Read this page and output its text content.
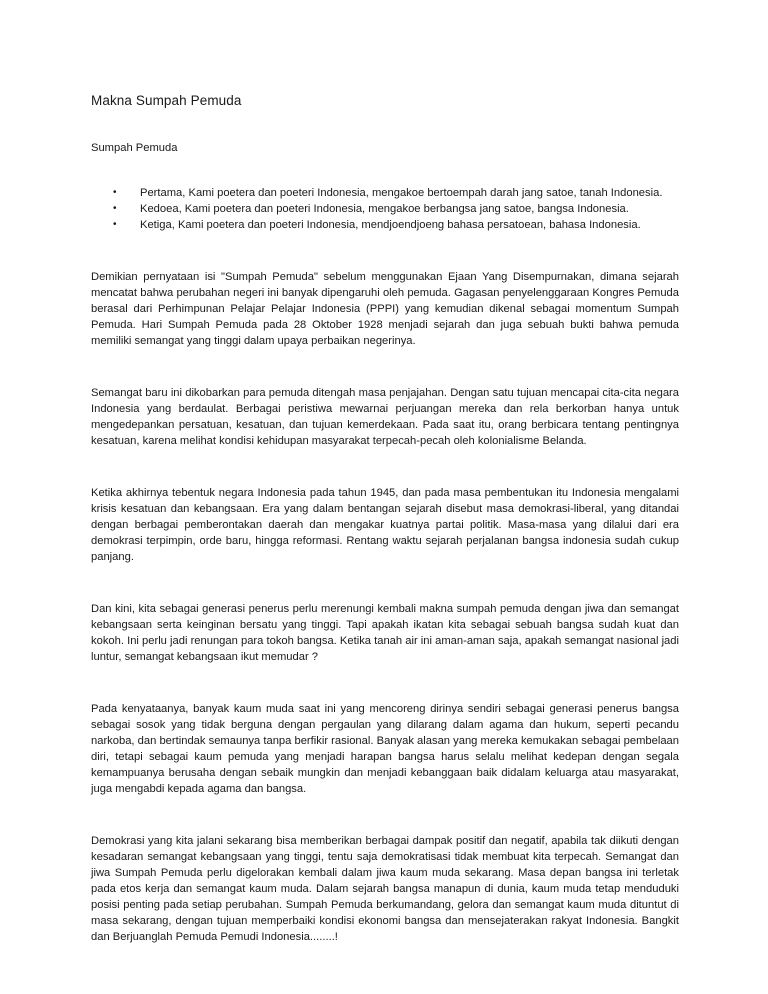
Makna Sumpah Pemuda
Sumpah Pemuda
•	Pertama, Kami poetera dan poeteri Indonesia, mengakoe bertoempah darah jang satoe, tanah Indonesia.
•	Kedoea, Kami poetera dan poeteri Indonesia, mengakoe berbangsa jang satoe, bangsa Indonesia.
•	Ketiga, Kami poetera dan poeteri Indonesia, mendjoendjoeng bahasa persatoean, bahasa Indonesia.

Demikian pernyataan isi "Sumpah Pemuda" sebelum menggunakan Ejaan Yang Disempurnakan, dimana sejarah mencatat bahwa perubahan negeri ini banyak dipengaruhi oleh pemuda. Gagasan penyelenggaraan Kongres Pemuda berasal dari Perhimpunan Pelajar Pelajar Indonesia (PPPI) yang kemudian dikenal sebagai momentum Sumpah Pemuda. Hari Sumpah Pemuda pada 28 Oktober 1928 menjadi sejarah dan juga sebuah bukti bahwa pemuda memiliki semangat yang tinggi dalam upaya perbaikan negerinya.

Semangat baru ini dikobarkan para pemuda ditengah masa penjajahan. Dengan satu tujuan mencapai cita-cita negara Indonesia yang berdaulat. Berbagai peristiwa mewarnai perjuangan mereka dan rela berkorban hanya untuk mengedepankan persatuan, kesatuan, dan tujuan kemerdekaan. Pada saat itu, orang berbicara tentang pentingnya kesatuan, karena melihat kondisi kehidupan masyarakat terpecah-pecah oleh kolonialisme Belanda.

Ketika akhirnya tebentuk negara Indonesia pada tahun 1945, dan pada masa pembentukan itu Indonesia mengalami krisis kesatuan dan kebangsaan. Era yang dalam bentangan sejarah disebut masa demokrasi-liberal, yang ditandai dengan berbagai pemberontakan daerah dan mengakar kuatnya partai politik. Masa-masa yang dilalui dari era demokrasi terpimpin, orde baru, hingga reformasi. Rentang waktu sejarah perjalanan bangsa indonesia sudah cukup panjang.

Dan kini, kita sebagai generasi penerus perlu merenungi kembali makna sumpah pemuda dengan jiwa dan semangat kebangsaan serta keinginan bersatu yang tinggi. Tapi apakah ikatan kita sebagai sebuah bangsa sudah kuat dan kokoh. Ini perlu jadi renungan para tokoh bangsa. Ketika tanah air ini aman-aman saja, apakah semangat nasional jadi luntur, semangat kebangsaan ikut memudar ?

Pada kenyataanya, banyak kaum muda saat ini yang mencoreng dirinya sendiri sebagai generasi penerus bangsa sebagai sosok yang tidak berguna dengan pergaulan yang dilarang dalam agama dan hukum, seperti pecandu narkoba, dan bertindak semaunya tanpa berfikir rasional. Banyak alasan yang mereka kemukakan sebagai pembelaan diri, tetapi sebagai kaum pemuda yang menjadi harapan bangsa harus selalu melihat kedepan dengan segala kemampuanya berusaha dengan sebaik mungkin dan menjadi kebanggaan baik didalam keluarga atau masyarakat, juga mengabdi kepada agama dan bangsa.

Demokrasi yang kita jalani sekarang bisa memberikan berbagai dampak positif dan negatif, apabila tak diikuti dengan kesadaran semangat kebangsaan yang tinggi, tentu saja demokratisasi tidak membuat kita terpecah. Semangat dan jiwa Sumpah Pemuda perlu digelorakan kembali dalam jiwa kaum muda sekarang. Masa depan bangsa ini terletak pada etos kerja dan semangat kaum muda. Dalam sejarah bangsa manapun di dunia, kaum muda tetap menduduki posisi penting pada setiap perubahan. Sumpah Pemuda berkumandang, gelora dan semangat kaum muda dituntut di masa sekarang, dengan tujuan memperbaiki kondisi ekonomi bangsa dan mensejaterakan rakyat Indonesia. Bangkit dan Berjuanglah Pemuda Pemudi Indonesia........!
